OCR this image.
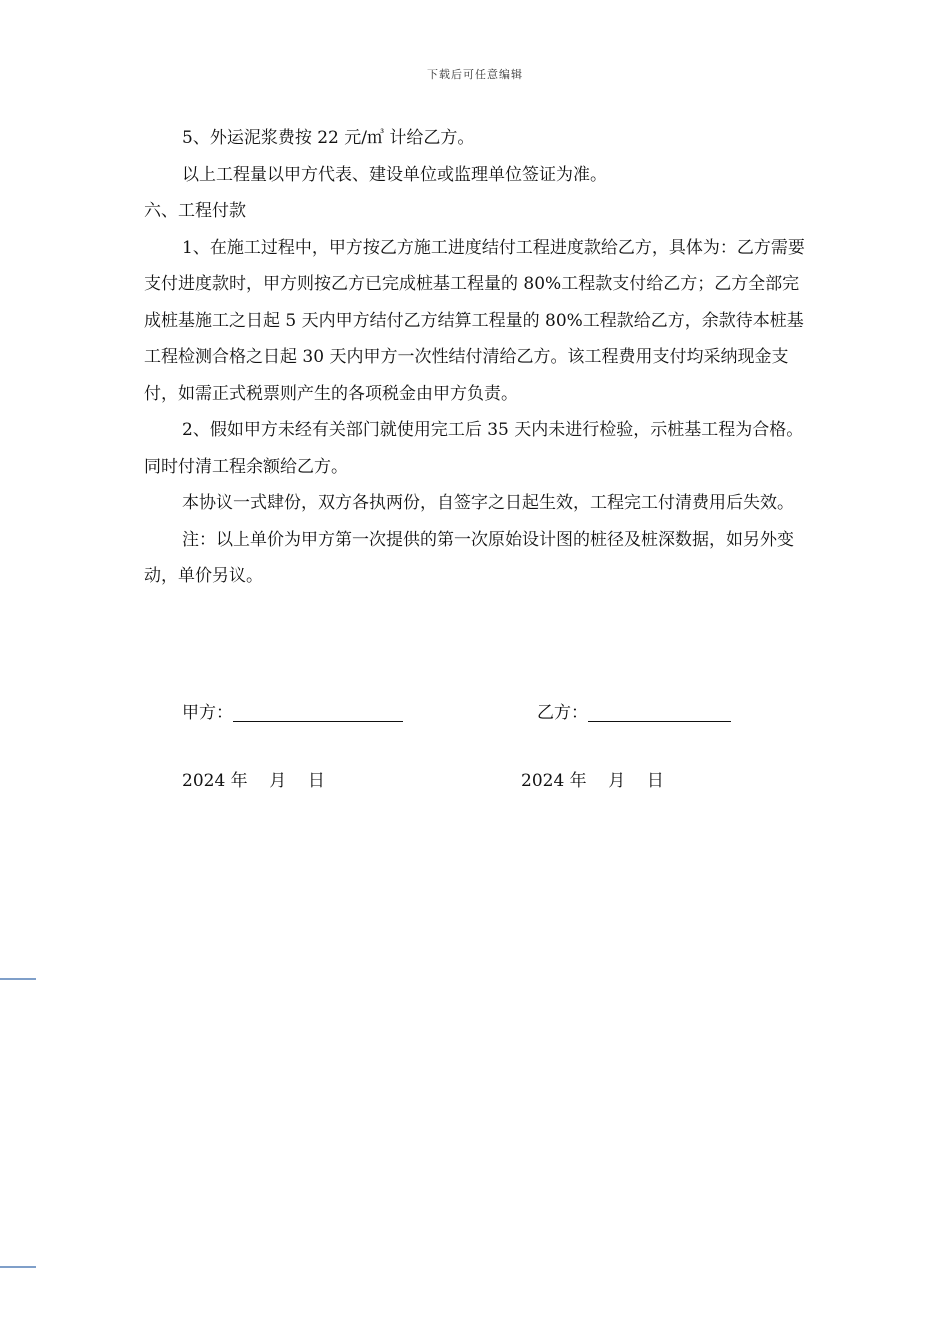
下载后可任意编辑

5、外运泥浆费按 22 元/㎥ 计给乙方。

以上工程量以甲方代表、建设单位或监理单位签证为准。

六、工程付款

1、在施工过程中，甲方按乙方施工进度结付工程进度款给乙方，具体为：乙方需要支付进度款时，甲方则按乙方已完成桩基工程量的 80%工程款支付给乙方；乙方全部完成桩基施工之日起 5 天内甲方结付乙方结算工程量的 80%工程款给乙方，余款待本桩基工程检测合格之日起 30 天内甲方一次性结付清给乙方。该工程费用支付均采纳现金支付，如需正式税票则产生的各项税金由甲方负责。

2、假如甲方未经有关部门就使用完工后 35 天内未进行检验，示桩基工程为合格。同时付清工程余额给乙方。

本协议一式肆份，双方各执两份，自签字之日起生效，工程完工付清费用后失效。

注：以上单价为甲方第一次提供的第一次原始设计图的桩径及桩深数据，如另外变动，单价另议。

甲方：	乙方：
2024 年    月    日	2024 年    月    日
